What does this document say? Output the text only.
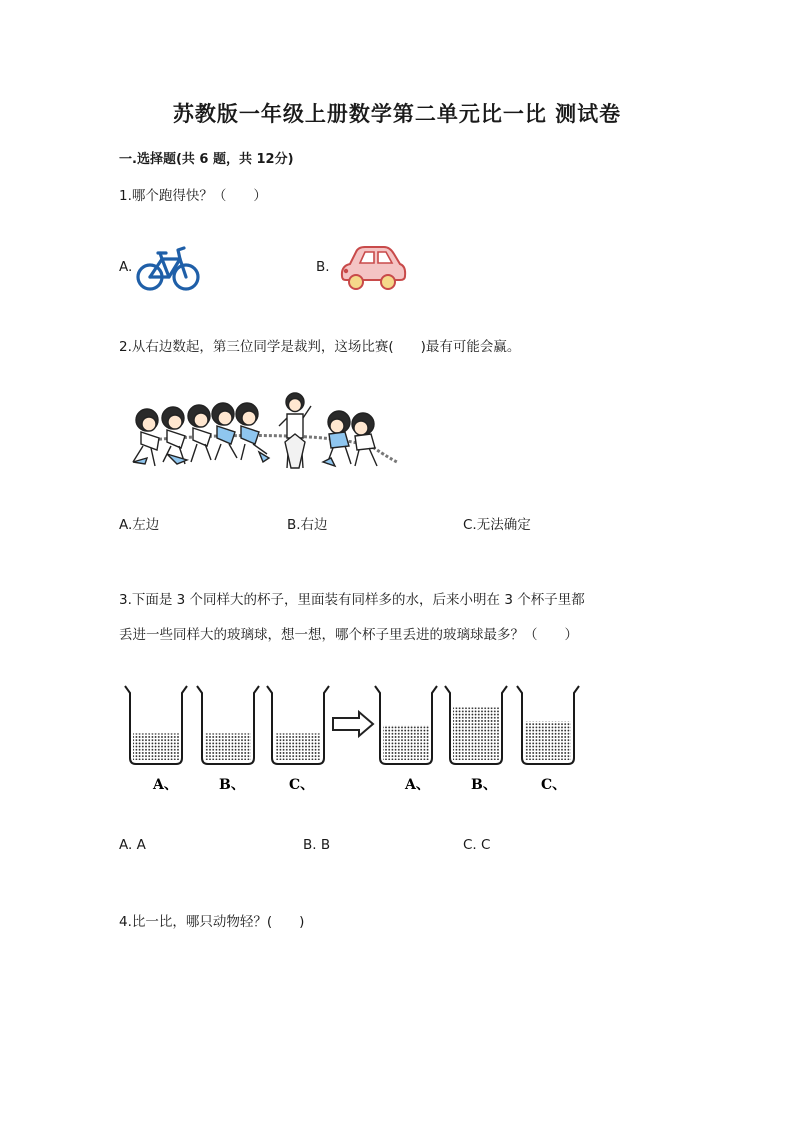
苏教版一年级上册数学第二单元比一比 测试卷
一.选择题(共 6 题，共 12分)
1.哪个跑得快？（　　）
A.	B.
2.从右边数起，第三位同学是裁判，这场比赛(　　)最有可能会赢。
A.左边	B.右边	C.无法确定
3.下面是 3 个同样大的杯子，里面装有同样多的水，后来小明在 3 个杯子里都
丢进一些同样大的玻璃球，想一想，哪个杯子里丢进的玻璃球最多？（　　）
A、	B、	C、	A、	B、	C、
A. A	B. B	C. C
4.比一比，哪只动物轻？(　　)
